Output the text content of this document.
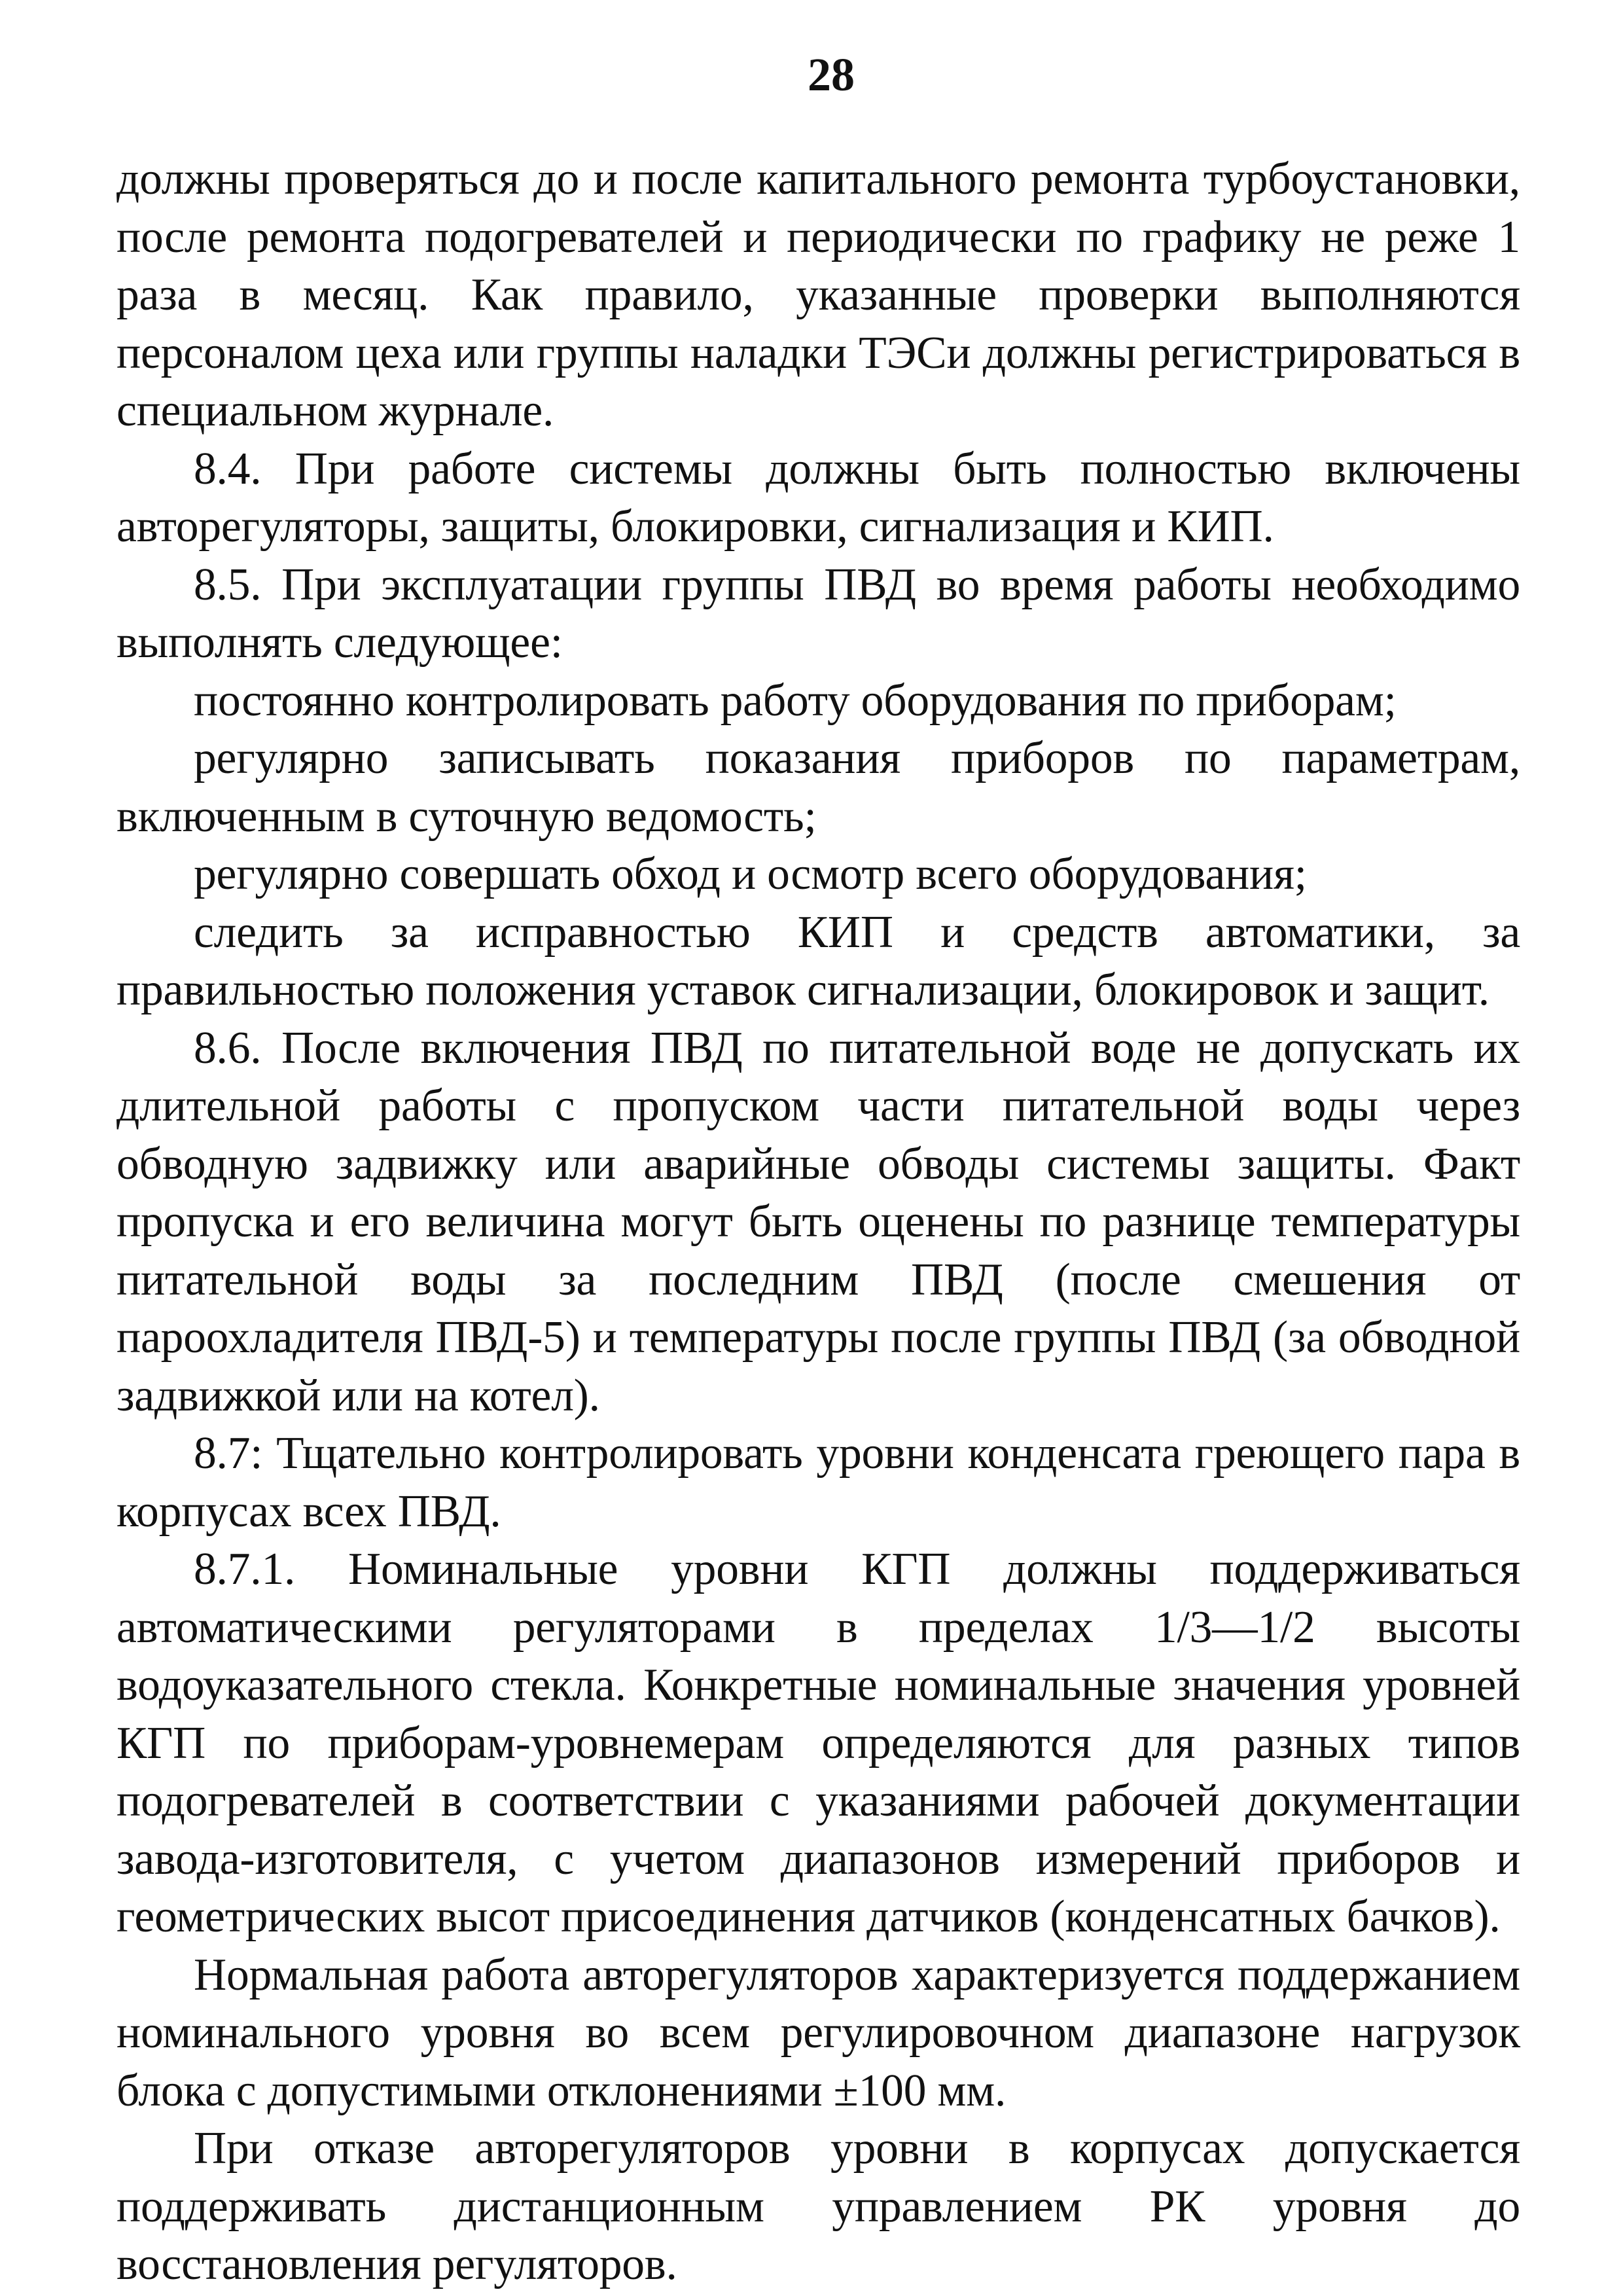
28

должны проверяться до и после капитального ремонта турбоустановки, после ремонта подогревателей и периодически по графику не реже 1 раза в месяц. Как правило, указанные проверки выполняются персоналом цеха или группы наладки ТЭСи должны регистрироваться в специальном журнале.

8.4. При работе системы должны быть полностью включены авторегуляторы, защиты, блокировки, сигнализация и КИП.

8.5. При эксплуатации группы ПВД во время работы необходимо выполнять следующее:

постоянно контролировать работу оборудования по приборам;

регулярно записывать показания приборов по параметрам, включенным в суточную ведомость;

регулярно совершать обход и осмотр всего оборудования;

следить за исправностью КИП и средств автоматики, за правильностью положения уставок сигнализации, блокировок и защит.

8.6. После включения ПВД по питательной воде не допускать их длительной работы с пропуском части питательной воды через обводную задвижку или аварийные обводы системы защиты. Факт пропуска и его величина могут быть оценены по разнице температуры питательной воды за последним ПВД (после смешения от пароохладителя ПВД-5) и температуры после группы ПВД (за обводной задвижкой или на котел).

8.7: Тщательно контролировать уровни конденсата греющего пара в корпусах всех ПВД.

8.7.1. Номинальные уровни КГП должны поддерживаться автоматическими регуляторами в пределах 1/3—1/2 высоты водоуказательного стекла. Конкретные номинальные значения уровней КГП по приборам-уровнемерам определяются для разных типов подогревателей в соответствии с указаниями рабочей документации завода-изготовителя, с учетом диапазонов измерений приборов и геометрических высот присоединения датчиков (конденсатных бачков).

Нормальная работа авторегуляторов характеризуется поддержанием номинального уровня во всем регулировочном диапазоне нагрузок блока с допустимыми отклонениями ±100 мм.

При отказе авторегуляторов уровни в корпусах допускается поддерживать дистанционным управлением РК уровня до восстановления регуляторов.
